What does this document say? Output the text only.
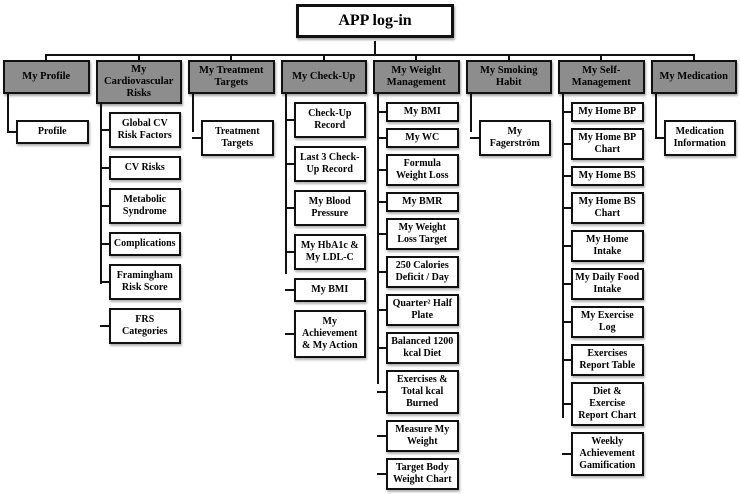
APP log-in
My Profile
Profile
My Cardiovascular Risks
Global CV Risk Factors
CV Risks
Metabolic Syndrome
Complications
Framingham Risk Score
FRS Categories
My Treatment Targets
Treatment Targets
My Check-Up
Check-Up Record
Last 3 Check-Up Record
My Blood Pressure
My HbA1c & My LDL-C
My BMI
My Achievement & My Action
My Weight Management
My BMI
My WC
Formula Weight Loss
My BMR
My Weight Loss Target
250 Calories Deficit / Day
Quarter² Half Plate
Balanced 1200 kcal Diet
Exercises & Total kcal Burned
Measure My Weight
Target Body Weight Chart
My Smoking Habit
My Fagerström
My Self-Management
My Home BP
My Home BP Chart
My Home BS
My Home BS Chart
My Home Intake
My Daily Food Intake
My Exercise Log
Exercises Report Table
Diet & Exercise Report Chart
Weekly Achievement Gamification
My Medication
Medication Information
